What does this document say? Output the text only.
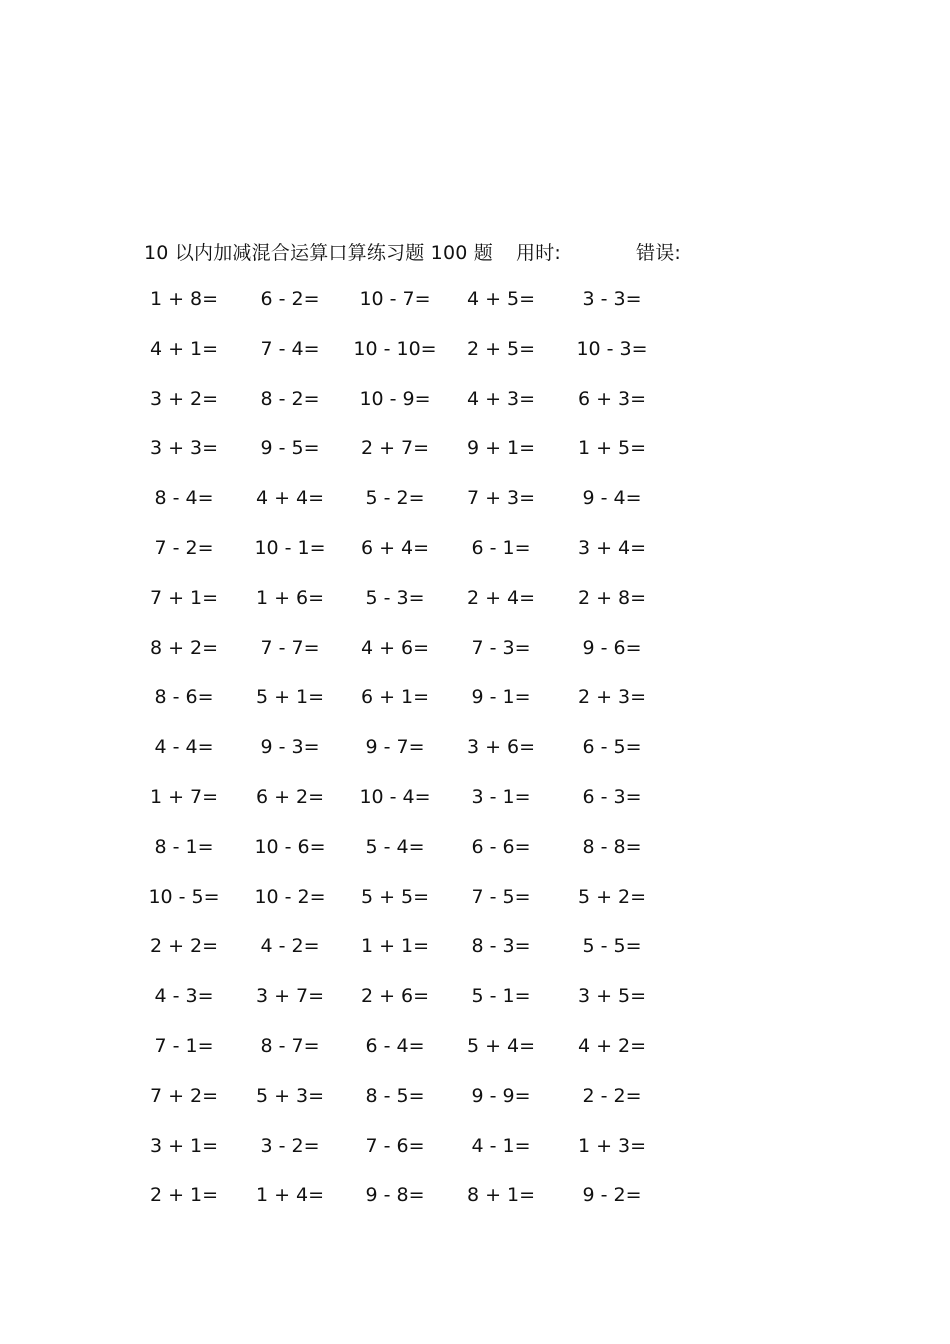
10 以内加减混合运算口算练习题 100 题 用时:	错误:
1 + 8=	6 - 2=	10 - 7=	4 + 5=	3 - 3=
4 + 1=	7 - 4=	10 - 10=	2 + 5=	10 - 3=
3 + 2=	8 - 2=	10 - 9=	4 + 3=	6 + 3=
3 + 3=	9 - 5=	2 + 7=	9 + 1=	1 + 5=
8 - 4=	4 + 4=	5 - 2=	7 + 3=	9 - 4=
7 - 2=	10 - 1=	6 + 4=	6 - 1=	3 + 4=
7 + 1=	1 + 6=	5 - 3=	2 + 4=	2 + 8=
8 + 2=	7 - 7=	4 + 6=	7 - 3=	9 - 6=
8 - 6=	5 + 1=	6 + 1=	9 - 1=	2 + 3=
4 - 4=	9 - 3=	9 - 7=	3 + 6=	6 - 5=
1 + 7=	6 + 2=	10 - 4=	3 - 1=	6 - 3=
8 - 1=	10 - 6=	5 - 4=	6 - 6=	8 - 8=
10 - 5=	10 - 2=	5 + 5=	7 - 5=	5 + 2=
2 + 2=	4 - 2=	1 + 1=	8 - 3=	5 - 5=
4 - 3=	3 + 7=	2 + 6=	5 - 1=	3 + 5=
7 - 1=	8 - 7=	6 - 4=	5 + 4=	4 + 2=
7 + 2=	5 + 3=	8 - 5=	9 - 9=	2 - 2=
3 + 1=	3 - 2=	7 - 6=	4 - 1=	1 + 3=
2 + 1=	1 + 4=	9 - 8=	8 + 1=	9 - 2=
